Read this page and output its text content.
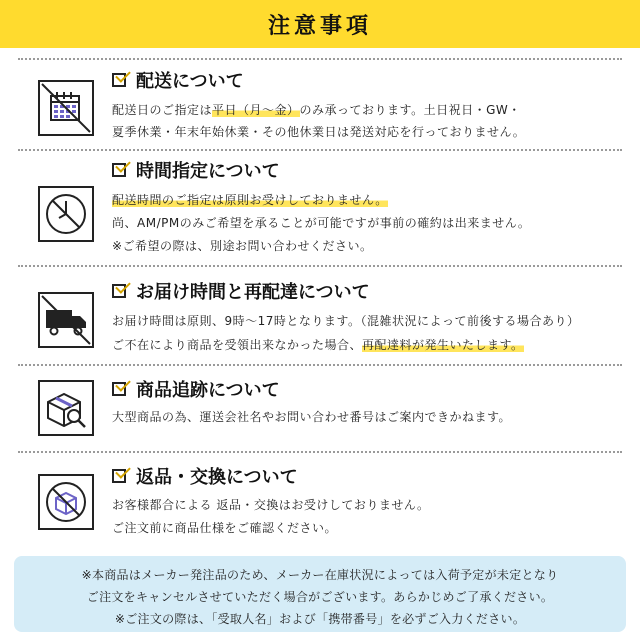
注意事項
配送について
配送日のご指定は平日（月～金）のみ承っております。土日祝日・GW・
夏季休業・年末年始休業・その他休業日は発送対応を行っておりません。
時間指定について
配送時間のご指定は原則お受けしておりません。
尚、AM/PMのみご希望を承ることが可能ですが事前の確約は出来ません。
※ご希望の際は、別途お問い合わせください。
お届け時間と再配達について
お届け時間は原則、9時～17時となります。（混雑状況によって前後する場合あり）
ご不在により商品を受領出来なかった場合、再配達料が発生いたします。
商品追跡について
大型商品の為、運送会社名やお問い合わせ番号はご案内できかねます。
返品・交換について
お客様都合による 返品・交換はお受けしておりません。
ご注文前に商品仕様をご確認ください。
※本商品はメーカー発注品のため、メーカー在庫状況によっては入荷予定が未定となり
ご注文をキャンセルさせていただく場合がございます。あらかじめご了承ください。
※ご注文の際は、「受取人名」および「携帯番号」を必ずご入力ください。
